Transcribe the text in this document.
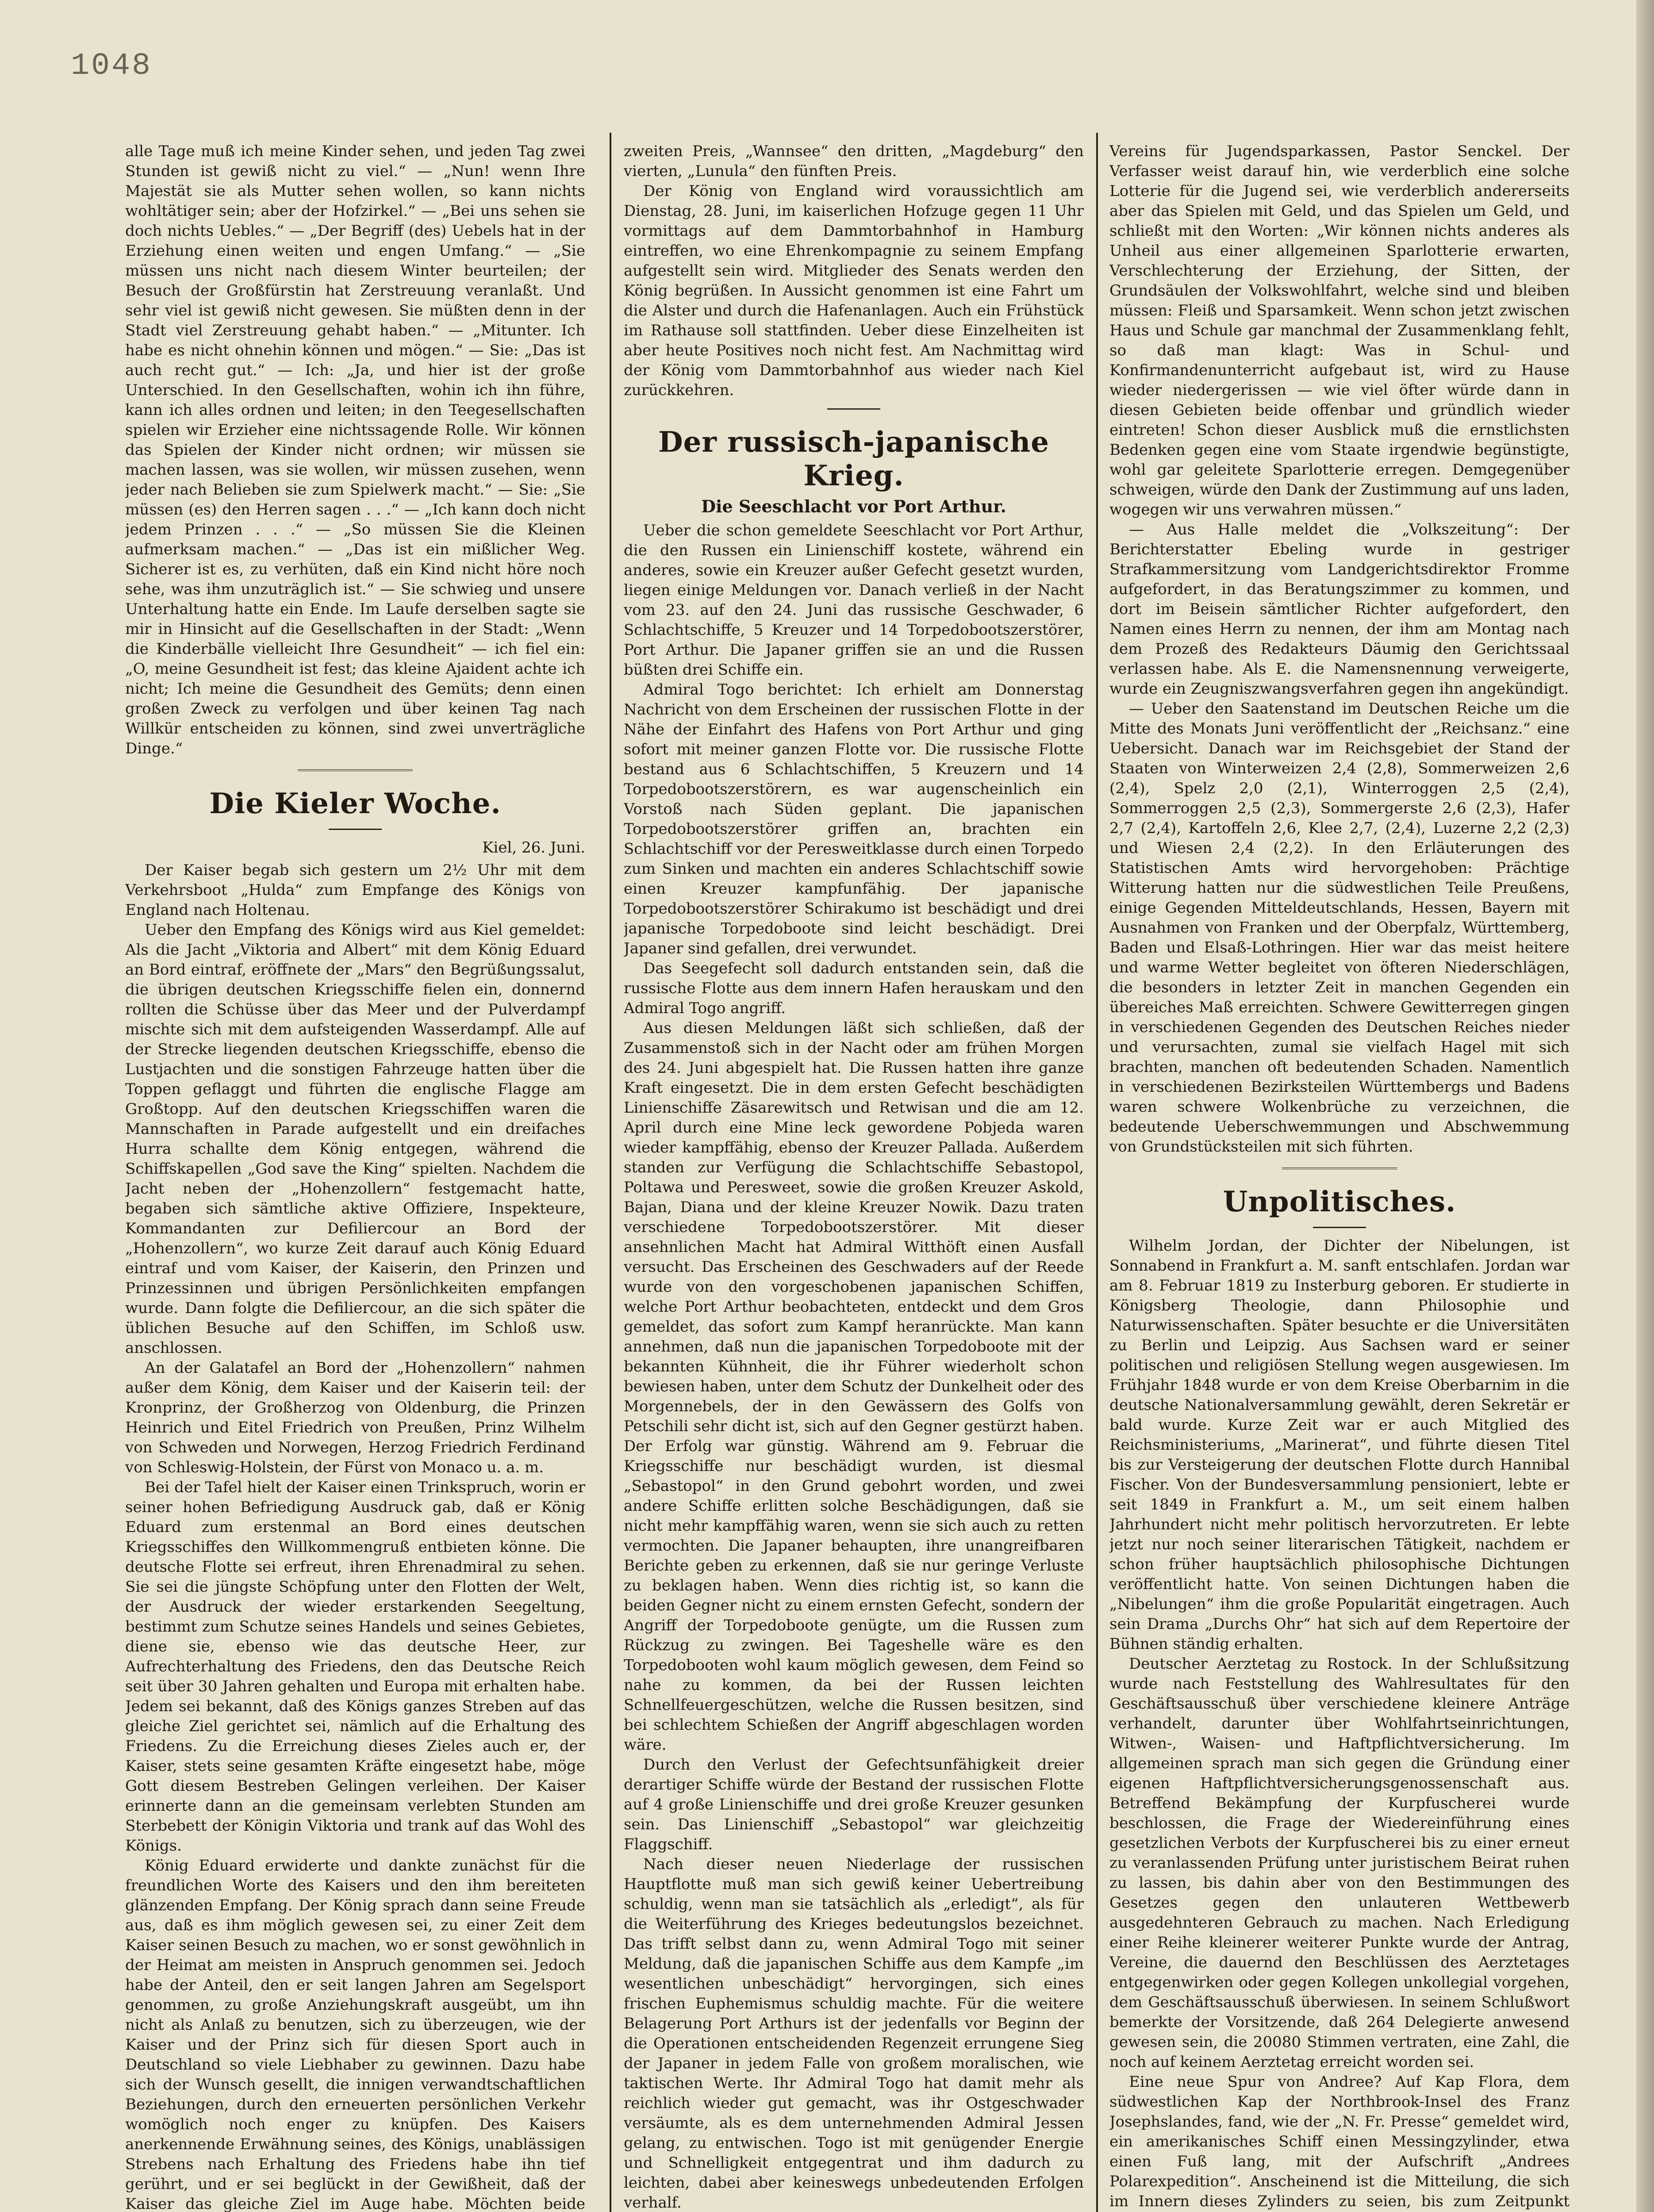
1048

alle Tage muß ich meine Kinder sehen, und jeden Tag zwei Stunden ist gewiß nicht zu viel.“ — „Nun! wenn Ihre Majestät sie als Mutter sehen wollen, so kann nichts wohltätiger sein; aber der Hofzirkel.“ — „Bei uns sehen sie doch nichts Uebles.“ — „Der Begriff (des) Uebels hat in der Erziehung einen weiten und engen Umfang.“ — „Sie müssen uns nicht nach diesem Winter beurteilen; der Besuch der Großfürstin hat Zerstreuung veranlaßt. Und sehr viel ist gewiß nicht gewesen. Sie müßten denn in der Stadt viel Zerstreuung gehabt haben.“ — „Mitunter. Ich habe es nicht ohnehin können und mögen.“ — Sie: „Das ist auch recht gut.“ — Ich: „Ja, und hier ist der große Unterschied. In den Gesellschaften, wohin ich ihn führe, kann ich alles ordnen und leiten; in den Teegesellschaften spielen wir Erzieher eine nichtssagende Rolle. Wir können das Spielen der Kinder nicht ordnen; wir müssen sie machen lassen, was sie wollen, wir müssen zusehen, wenn jeder nach Belieben sie zum Spielwerk macht.“ — Sie: „Sie müssen (es) den Herren sagen . . .“ — „Ich kann doch nicht jedem Prinzen . . .“ — „So müssen Sie die Kleinen aufmerksam machen.“ — „Das ist ein mißlicher Weg. Sicherer ist es, zu verhüten, daß ein Kind nicht höre noch sehe, was ihm unzuträglich ist.“ — Sie schwieg und unsere Unterhaltung hatte ein Ende. Im Laufe derselben sagte sie mir in Hinsicht auf die Gesellschaften in der Stadt: „Wenn die Kinderbälle vielleicht Ihre Gesundheit“ — ich fiel ein: „O, meine Gesundheit ist fest; das kleine Ajaident achte ich nicht; Ich meine die Gesundheit des Gemüts; denn einen großen Zweck zu verfolgen und über keinen Tag nach Willkür entscheiden zu können, sind zwei unverträgliche Dinge.“

Die Kieler Woche.
Kiel, 26. Juni.

Der Kaiser begab sich gestern um 2½ Uhr mit dem Verkehrsboot „Hulda“ zum Empfange des Königs von England nach Holtenau.

Ueber den Empfang des Königs wird aus Kiel gemeldet: Als die Jacht „Viktoria and Albert“ mit dem König Eduard an Bord eintraf, eröffnete der „Mars“ den Begrüßungssalut, die übrigen deutschen Kriegsschiffe fielen ein, donnernd rollten die Schüsse über das Meer und der Pulverdampf mischte sich mit dem aufsteigenden Wasserdampf. Alle auf der Strecke liegenden deutschen Kriegsschiffe, ebenso die Lustjachten und die sonstigen Fahrzeuge hatten über die Toppen geflaggt und führten die englische Flagge am Großtopp. Auf den deutschen Kriegsschiffen waren die Mannschaften in Parade aufgestellt und ein dreifaches Hurra schallte dem König entgegen, während die Schiffskapellen „God save the King“ spielten. Nachdem die Jacht neben der „Hohenzollern“ festgemacht hatte, begaben sich sämtliche aktive Offiziere, Inspekteure, Kommandanten zur Defiliercour an Bord der „Hohenzollern“, wo kurze Zeit darauf auch König Eduard eintraf und vom Kaiser, der Kaiserin, den Prinzen und Prinzessinnen und übrigen Persönlichkeiten empfangen wurde. Dann folgte die Defiliercour, an die sich später die üblichen Besuche auf den Schiffen, im Schloß usw. anschlossen.

An der Galatafel an Bord der „Hohenzollern“ nahmen außer dem König, dem Kaiser und der Kaiserin teil: der Kronprinz, der Großherzog von Oldenburg, die Prinzen Heinrich und Eitel Friedrich von Preußen, Prinz Wilhelm von Schweden und Norwegen, Herzog Friedrich Ferdinand von Schleswig-Holstein, der Fürst von Monaco u. a. m.

Bei der Tafel hielt der Kaiser einen Trinkspruch, worin er seiner hohen Befriedigung Ausdruck gab, daß er König Eduard zum erstenmal an Bord eines deutschen Kriegsschiffes den Willkommengruß entbieten könne. Die deutsche Flotte sei erfreut, ihren Ehrenadmiral zu sehen. Sie sei die jüngste Schöpfung unter den Flotten der Welt, der Ausdruck der wieder erstarkenden Seegeltung, bestimmt zum Schutze seines Handels und seines Gebietes, diene sie, ebenso wie das deutsche Heer, zur Aufrechterhaltung des Friedens, den das Deutsche Reich seit über 30 Jahren gehalten und Europa mit erhalten habe. Jedem sei bekannt, daß des Königs ganzes Streben auf das gleiche Ziel gerichtet sei, nämlich auf die Erhaltung des Friedens. Zu die Erreichung dieses Zieles auch er, der Kaiser, stets seine gesamten Kräfte eingesetzt habe, möge Gott diesem Bestreben Gelingen verleihen. Der Kaiser erinnerte dann an die gemeinsam verlebten Stunden am Sterbebett der Königin Viktoria und trank auf das Wohl des Königs.

König Eduard erwiderte und dankte zunächst für die freundlichen Worte des Kaisers und den ihm bereiteten glänzenden Empfang. Der König sprach dann seine Freude aus, daß es ihm möglich gewesen sei, zu einer Zeit dem Kaiser seinen Besuch zu machen, wo er sonst gewöhnlich in der Heimat am meisten in Anspruch genommen sei. Jedoch habe der Anteil, den er seit langen Jahren am Segelsport genommen, zu große Anziehungskraft ausgeübt, um ihn nicht als Anlaß zu benutzen, sich zu überzeugen, wie der Kaiser und der Prinz sich für diesen Sport auch in Deutschland so viele Liebhaber zu gewinnen. Dazu habe sich der Wunsch gesellt, die innigen verwandtschaftlichen Beziehungen, durch den erneuerten persönlichen Verkehr womöglich noch enger zu knüpfen. Des Kaisers anerkennende Erwähnung seines, des Königs, unablässigen Strebens nach Erhaltung des Friedens habe ihn tief gerührt, und er sei beglückt in der Gewißheit, daß der Kaiser das gleiche Ziel im Auge habe. Möchten beide

zweiten Preis, „Wannsee“ den dritten, „Magdeburg“ den vierten, „Lunula“ den fünften Preis.

Der König von England wird voraussichtlich am Dienstag, 28. Juni, im kaiserlichen Hofzuge gegen 11 Uhr vormittags auf dem Dammtorbahnhof in Hamburg eintreffen, wo eine Ehrenkompagnie zu seinem Empfang aufgestellt sein wird. Mitglieder des Senats werden den König begrüßen. In Aussicht genommen ist eine Fahrt um die Alster und durch die Hafenanlagen. Auch ein Frühstück im Rathause soll stattfinden. Ueber diese Einzelheiten ist aber heute Positives noch nicht fest. Am Nachmittag wird der König vom Dammtorbahnhof aus wieder nach Kiel zurückkehren.

Der russisch-japanische Krieg.
Die Seeschlacht vor Port Arthur.

Ueber die schon gemeldete Seeschlacht vor Port Arthur, die den Russen ein Linienschiff kostete, während ein anderes, sowie ein Kreuzer außer Gefecht gesetzt wurden, liegen einige Meldungen vor. Danach verließ in der Nacht vom 23. auf den 24. Juni das russische Geschwader, 6 Schlachtschiffe, 5 Kreuzer und 14 Torpedobootszerstörer, Port Arthur. Die Japaner griffen sie an und die Russen büßten drei Schiffe ein.

Admiral Togo berichtet: Ich erhielt am Donnerstag Nachricht von dem Erscheinen der russischen Flotte in der Nähe der Einfahrt des Hafens von Port Arthur und ging sofort mit meiner ganzen Flotte vor. Die russische Flotte bestand aus 6 Schlachtschiffen, 5 Kreuzern und 14 Torpedobootszerstörern, es war augenscheinlich ein Vorstoß nach Süden geplant. Die japanischen Torpedobootszerstörer griffen an, brachten ein Schlachtschiff vor der Peresweitklasse durch einen Torpedo zum Sinken und machten ein anderes Schlachtschiff sowie einen Kreuzer kampfunfähig. Der japanische Torpedobootszerstörer Schirakumo ist beschädigt und drei japanische Torpedoboote sind leicht beschädigt. Drei Japaner sind gefallen, drei verwundet.

Das Seegefecht soll dadurch entstanden sein, daß die russische Flotte aus dem innern Hafen herauskam und den Admiral Togo angriff.

Aus diesen Meldungen läßt sich schließen, daß der Zusammenstoß sich in der Nacht oder am frühen Morgen des 24. Juni abgespielt hat. Die Russen hatten ihre ganze Kraft eingesetzt. Die in dem ersten Gefecht beschädigten Linienschiffe Zäsarewitsch und Retwisan und die am 12. April durch eine Mine leck gewordene Pobjeda waren wieder kampffähig, ebenso der Kreuzer Pallada. Außerdem standen zur Verfügung die Schlachtschiffe Sebastopol, Poltawa und Peresweet, sowie die großen Kreuzer Askold, Bajan, Diana und der kleine Kreuzer Nowik. Dazu traten verschiedene Torpedobootszerstörer. Mit dieser ansehnlichen Macht hat Admiral Witthöft einen Ausfall versucht. Das Erscheinen des Geschwaders auf der Reede wurde von den vorgeschobenen japanischen Schiffen, welche Port Arthur beobachteten, entdeckt und dem Gros gemeldet, das sofort zum Kampf heranrückte. Man kann annehmen, daß nun die japanischen Torpedoboote mit der bekannten Kühnheit, die ihr Führer wiederholt schon bewiesen haben, unter dem Schutz der Dunkelheit oder des Morgennebels, der in den Gewässern des Golfs von Petschili sehr dicht ist, sich auf den Gegner gestürzt haben. Der Erfolg war günstig. Während am 9. Februar die Kriegsschiffe nur beschädigt wurden, ist diesmal „Sebastopol“ in den Grund gebohrt worden, und zwei andere Schiffe erlitten solche Beschädigungen, daß sie nicht mehr kampffähig waren, wenn sie sich auch zu retten vermochten. Die Japaner behaupten, ihre unangreifbaren Berichte geben zu erkennen, daß sie nur geringe Verluste zu beklagen haben. Wenn dies richtig ist, so kann die beiden Gegner nicht zu einem ernsten Gefecht, sondern der Angriff der Torpedoboote genügte, um die Russen zum Rückzug zu zwingen. Bei Tageshelle wäre es den Torpedobooten wohl kaum möglich gewesen, dem Feind so nahe zu kommen, da bei der Russen leichten Schnellfeuergeschützen, welche die Russen besitzen, sind bei schlechtem Schießen der Angriff abgeschlagen worden wäre.

Durch den Verlust der Gefechtsunfähigkeit dreier derartiger Schiffe würde der Bestand der russischen Flotte auf 4 große Linienschiffe und drei große Kreuzer gesunken sein. Das Linienschiff „Sebastopol“ war gleichzeitig Flaggschiff.

Nach dieser neuen Niederlage der russischen Hauptflotte muß man sich gewiß keiner Uebertreibung schuldig, wenn man sie tatsächlich als „erledigt“, als für die Weiterführung des Krieges bedeutungslos bezeichnet. Das trifft selbst dann zu, wenn Admiral Togo mit seiner Meldung, daß die japanischen Schiffe aus dem Kampfe „im wesentlichen unbeschädigt“ hervorgingen, sich eines frischen Euphemismus schuldig machte. Für die weitere Belagerung Port Arthurs ist der jedenfalls vor Beginn der die Operationen entscheidenden Regenzeit errungene Sieg der Japaner in jedem Falle von großem moralischen, wie taktischen Werte. Ihr Admiral Togo hat damit mehr als reichlich wieder gut gemacht, was ihr Ostgeschwader versäumte, als es dem unternehmenden Admiral Jessen gelang, zu entwischen. Togo ist mit genügender Energie und Schnelligkeit entgegentrat und ihm dadurch zu leichten, dabei aber keineswegs unbedeutenden Erfolgen verhalf.

Vereins für Jugendsparkassen, Pastor Senckel. Der Verfasser weist darauf hin, wie verderblich eine solche Lotterie für die Jugend sei, wie verderblich andererseits aber das Spielen mit Geld, und das Spielen um Geld, und schließt mit den Worten: „Wir können nichts anderes als Unheil aus einer allgemeinen Sparlotterie erwarten, Verschlechterung der Erziehung, der Sitten, der Grundsäulen der Volkswohlfahrt, welche sind und bleiben müssen: Fleiß und Sparsamkeit. Wenn schon jetzt zwischen Haus und Schule gar manchmal der Zusammenklang fehlt, so daß man klagt: Was in Schul- und Konfirmandenunterricht aufgebaut ist, wird zu Hause wieder niedergerissen — wie viel öfter würde dann in diesen Gebieten beide offenbar und gründlich wieder eintreten! Schon dieser Ausblick muß die ernstlichsten Bedenken gegen eine vom Staate irgendwie begünstigte, wohl gar geleitete Sparlotterie erregen. Demgegenüber schweigen, würde den Dank der Zustimmung auf uns laden, wogegen wir uns verwahren müssen.“

— Aus Halle meldet die „Volkszeitung“: Der Berichterstatter Ebeling wurde in gestriger Strafkammersitzung vom Landgerichtsdirektor Fromme aufgefordert, in das Beratungszimmer zu kommen, und dort im Beisein sämtlicher Richter aufgefordert, den Namen eines Herrn zu nennen, der ihm am Montag nach dem Prozeß des Redakteurs Däumig den Gerichtssaal verlassen habe. Als E. die Namensnennung verweigerte, wurde ein Zeugniszwangsverfahren gegen ihn angekündigt.

— Ueber den Saatenstand im Deutschen Reiche um die Mitte des Monats Juni veröffentlicht der „Reichsanz.“ eine Uebersicht. Danach war im Reichsgebiet der Stand der Staaten von Winterweizen 2,4 (2,8), Sommerweizen 2,6 (2,4), Spelz 2,0 (2,1), Winterroggen 2,5 (2,4), Sommerroggen 2,5 (2,3), Sommergerste 2,6 (2,3), Hafer 2,7 (2,4), Kartoffeln 2,6, Klee 2,7, (2,4), Luzerne 2,2 (2,3) und Wiesen 2,4 (2,2). In den Erläuterungen des Statistischen Amts wird hervorgehoben: Prächtige Witterung hatten nur die südwestlichen Teile Preußens, einige Gegenden Mitteldeutschlands, Hessen, Bayern mit Ausnahmen von Franken und der Oberpfalz, Württemberg, Baden und Elsaß-Lothringen. Hier war das meist heitere und warme Wetter begleitet von öfteren Niederschlägen, die besonders in letzter Zeit in manchen Gegenden ein übereiches Maß erreichten. Schwere Gewitterregen gingen in verschiedenen Gegenden des Deutschen Reiches nieder und verursachten, zumal sie vielfach Hagel mit sich brachten, manchen oft bedeutenden Schaden. Namentlich in verschiedenen Bezirksteilen Württembergs und Badens waren schwere Wolkenbrüche zu verzeichnen, die bedeutende Ueberschwemmungen und Abschwemmung von Grundstücksteilen mit sich führten.

Unpolitisches.

Wilhelm Jordan, der Dichter der Nibelungen, ist Sonnabend in Frankfurt a. M. sanft entschlafen. Jordan war am 8. Februar 1819 zu Insterburg geboren. Er studierte in Königsberg Theologie, dann Philosophie und Naturwissenschaften. Später besuchte er die Universitäten zu Berlin und Leipzig. Aus Sachsen ward er seiner politischen und religiösen Stellung wegen ausgewiesen. Im Frühjahr 1848 wurde er von dem Kreise Oberbarnim in die deutsche Nationalversammlung gewählt, deren Sekretär er bald wurde. Kurze Zeit war er auch Mitglied des Reichsministeriums, „Marinerat“, und führte diesen Titel bis zur Versteigerung der deutschen Flotte durch Hannibal Fischer. Von der Bundesversammlung pensioniert, lebte er seit 1849 in Frankfurt a. M., um seit einem halben Jahrhundert nicht mehr politisch hervorzutreten. Er lebte jetzt nur noch seiner literarischen Tätigkeit, nachdem er schon früher hauptsächlich philosophische Dichtungen veröffentlicht hatte. Von seinen Dichtungen haben die „Nibelungen“ ihm die große Popularität eingetragen. Auch sein Drama „Durchs Ohr“ hat sich auf dem Repertoire der Bühnen ständig erhalten.

Deutscher Aerztetag zu Rostock. In der Schlußsitzung wurde nach Feststellung des Wahlresultates für den Geschäftsausschuß über verschiedene kleinere Anträge verhandelt, darunter über Wohlfahrtseinrichtungen, Witwen-, Waisen- und Haftpflichtversicherung. Im allgemeinen sprach man sich gegen die Gründung einer eigenen Haftpflichtversicherungsgenossenschaft aus. Betreffend Bekämpfung der Kurpfuscherei wurde beschlossen, die Frage der Wiedereinführung eines gesetzlichen Verbots der Kurpfuscherei bis zu einer erneut zu veranlassenden Prüfung unter juristischem Beirat ruhen zu lassen, bis dahin aber von den Bestimmungen des Gesetzes gegen den unlauteren Wettbewerb ausgedehnteren Gebrauch zu machen. Nach Erledigung einer Reihe kleinerer weiterer Punkte wurde der Antrag, Vereine, die dauernd den Beschlüssen des Aerztetages entgegenwirken oder gegen Kollegen unkollegial vorgehen, dem Geschäftsausschuß überwiesen. In seinem Schlußwort bemerkte der Vorsitzende, daß 264 Delegierte anwesend gewesen sein, die 20080 Stimmen vertraten, eine Zahl, die noch auf keinem Aerztetag erreicht worden sei.

Eine neue Spur von Andree? Auf Kap Flora, dem südwestlichen Kap der Northbrook-Insel des Franz Josephslandes, fand, wie der „N. Fr. Presse“ gemeldet wird, ein amerikanisches Schiff einen Messingzylinder, etwa einen Fuß lang, mit der Aufschrift „Andrees Polarexpedition“. Anscheinend ist die Mitteilung, die sich im Innern dieses Zylinders zu seien, bis zum Zeitpunkt
